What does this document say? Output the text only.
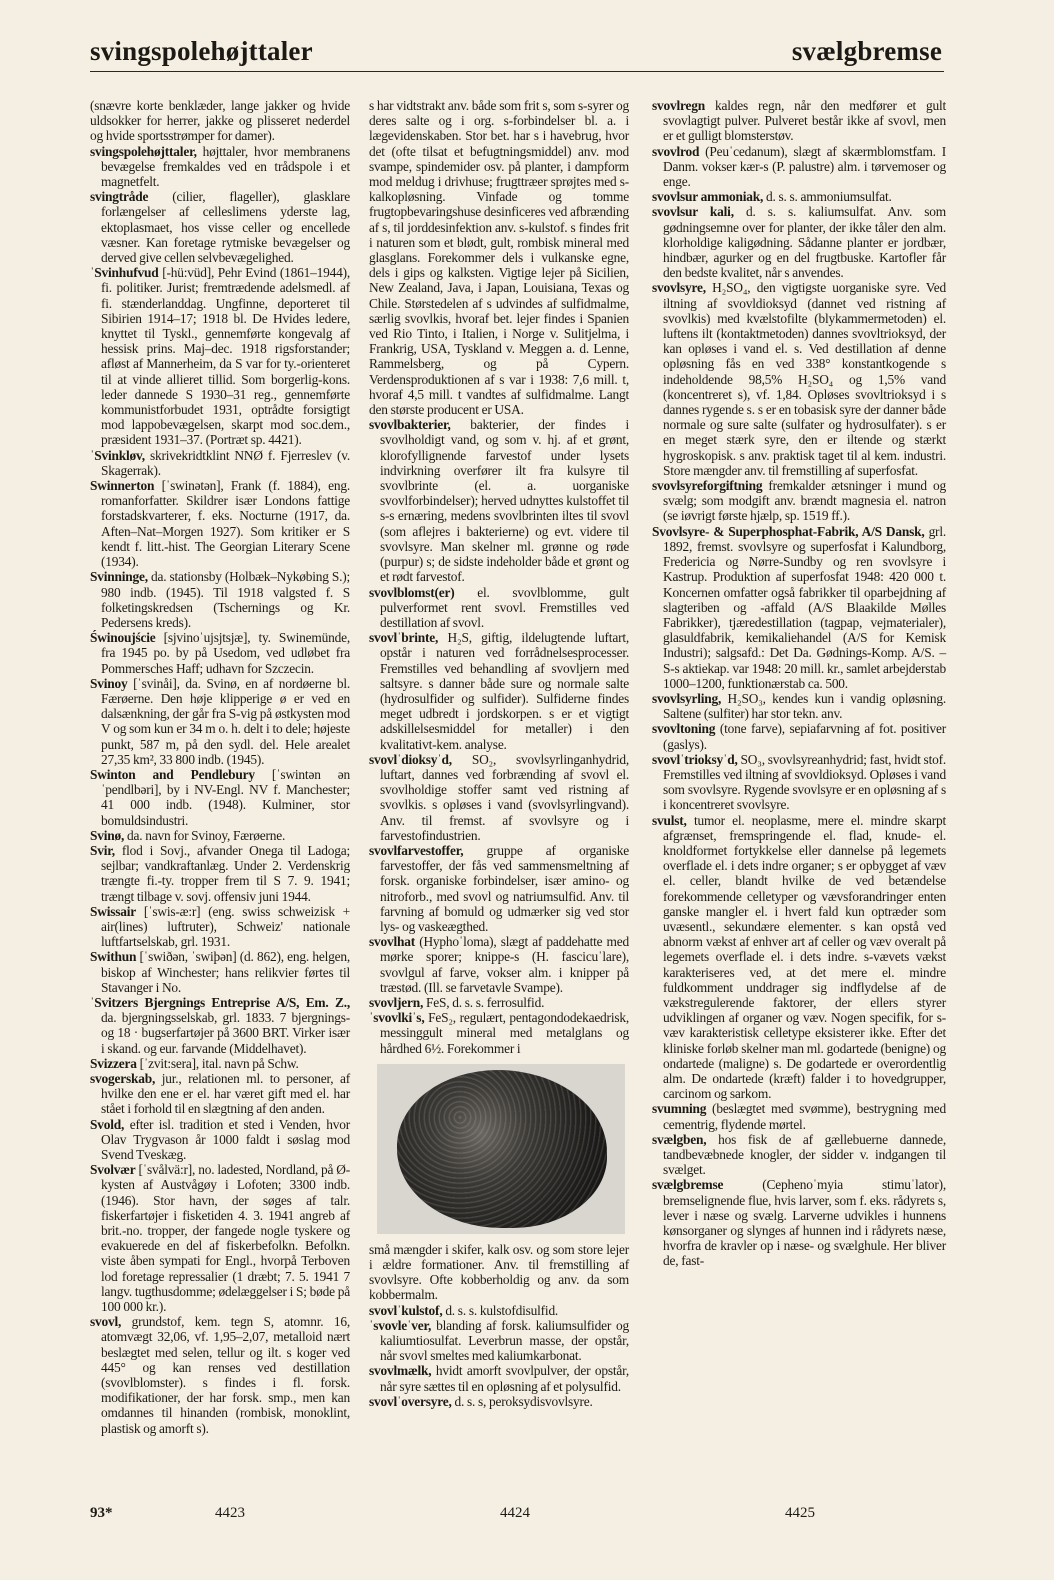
svingspolehøjttaler	svælgbremse

(snævre korte benklæder, lange jakker og hvide uldsokker for herrer, jakke og plisseret nederdel og hvide sportsstrømper for damer).

svingspolehøjttaler, højttaler, hvor membranens bevægelse fremkaldes ved en trådspole i et magnetfelt.

svingtråde (cilier, flageller), glasklare forlængelser af celleslimens yderste lag, ektoplasmaet, hos visse celler og encellede væsner. Kan foretage rytmiske bevægelser og derved give cellen selvbevægelighed.

ˈSvinhufvud [-hü:vüd], Pehr Evind (1861–1944), fi. politiker. Jurist; fremtrædende adelsmedl. af fi. stænderlanddag. Ungfinne, deporteret til Sibirien 1914–17; 1918 bl. De Hvides ledere, knyttet til Tyskl., gennemførte kongevalg af hessisk prins. Maj–dec. 1918 rigsforstander; afløst af Mannerheim, da S var for ty.-orienteret til at vinde allieret tillid. Som borgerlig-kons. leder dannede S 1930–31 reg., gennemførte kommunistforbudet 1931, optrådte forsigtigt mod lappobevægelsen, skarpt mod soc.dem., præsident 1931–37. (Portræt sp. 4421).

ˈSvinkløv, skrivekridtklint NNØ f. Fjerreslev (v. Skagerrak).

Swinnerton [ˈswinətən], Frank (f. 1884), eng. romanforfatter. Skildrer især Londons fattige forstadskvarterer, f. eks. Nocturne (1917, da. Aften–Nat–Morgen 1927). Som kritiker er S kendt f. litt.-hist. The Georgian Literary Scene (1934).

Svinninge, da. stationsby (Holbæk–Nykøbing S.); 980 indb. (1945). Til 1918 valgsted f. S folketingskredsen (Tschernings og Kr. Pedersens kreds).

Świnoujście [sjvinoˈujsjtsjæ], ty. Swinemünde, fra 1945 po. by på Usedom, ved udløbet fra Pommersches Haff; udhavn for Szczecin.

Svinoy [ˈsvinåi], da. Svinø, en af nordøerne bl. Færøerne. Den høje klipperige ø er ved en dalsænkning, der går fra S-vig på østkysten mod V og som kun er 34 m o. h. delt i to dele; højeste punkt, 587 m, på den sydl. del. Hele arealet 27,35 km², 33 800 indb. (1945).

Swinton and Pendlebury [ˈswintən ən ˈpendlbəri], by i NV-Engl. NV f. Manchester; 41 000 indb. (1948). Kulminer, stor bomuldsindustri.

Svinø, da. navn for Svinoy, Færøerne.

Svir, flod i Sovj., afvander Onega til Ladoga; sejlbar; vandkraftanlæg. Under 2. Verdenskrig trængte fi.-ty. tropper frem til S 7. 9. 1941; trængt tilbage v. sovj. offensiv juni 1944.

Swissair [ˈswis-æ:r] (eng. swiss schweizisk + air(lines) luftruter), Schweiz' nationale luftfartselskab, grl. 1931.

Swithun [ˈswiðən, ˈswiþən] (d. 862), eng. helgen, biskop af Winchester; hans relikvier førtes til Stavanger i No.

ˈSvitzers Bjergnings Entreprise A/S, Em. Z., da. bjergningsselskab, grl. 1833. 7 bjergnings- og 18 · bugserfartøjer på 3600 BRT. Virker især i skand. og eur. farvande (Middelhavet).

Svizzera [ˈzvit:sera], ital. navn på Schw.

svogerskab, jur., relationen ml. to personer, af hvilke den ene er el. har været gift med el. har stået i forhold til en slægtning af den anden.

Svold, efter isl. tradition et sted i Venden, hvor Olav Trygvason år 1000 faldt i søslag mod Svend Tveskæg.

Svolvær [ˈsvålvä:r], no. ladested, Nordland, på Ø-kysten af Austvågøy i Lofoten; 3300 indb. (1946). Stor havn, der søges af talr. fiskerfartøjer i fisketiden 4. 3. 1941 angreb af brit.-no. tropper, der fangede nogle tyskere og evakuerede en del af fiskerbefolkn. Befolkn. viste åben sympati for Engl., hvorpå Terboven lod foretage repressalier (1 dræbt; 7. 5. 1941 7 langv. tugthusdomme; ødelæggelser i S; bøde på 100 000 kr.).

svovl, grundstof, kem. tegn S, atomnr. 16, atomvægt 32,06, vf. 1,95–2,07, metalloid nært beslægtet med selen, tellur og ilt. s koger ved 445° og kan renses ved destillation (svovlblomster). s findes i fl. forsk. modifikationer, der har forsk. smp., men kan omdannes til hinanden (rombisk, monoklint, plastisk og amorft s).

s har vidtstrakt anv. både som frit s, som s-syrer og deres salte og i org. s-forbindelser bl. a. i lægevidenskaben. Stor bet. har s i havebrug, hvor det (ofte tilsat et befugtningsmiddel) anv. mod svampe, spindemider osv. på planter, i dampform mod meldug i drivhuse; frugttræer sprøjtes med s-kalkopløsning. Vinfade og tomme frugtopbevaringshuse desinficeres ved afbrænding af s, til jorddesinfektion anv. s-kulstof. s findes frit i naturen som et blødt, gult, rombisk mineral med glasglans. Forekommer dels i vulkanske egne, dels i gips og kalksten. Vigtige lejer på Sicilien, New Zealand, Java, i Japan, Louisiana, Texas og Chile. Størstedelen af s udvindes af sulfidmalme, særlig svovlkis, hvoraf bet. lejer findes i Spanien ved Rio Tinto, i Italien, i Norge v. Sulitjelma, i Frankrig, USA, Tyskland v. Meggen a. d. Lenne, Rammelsberg, og på Cypern. Verdensproduktionen af s var i 1938: 7,6 mill. t, hvoraf 4,5 mill. t vandtes af sulfidmalme. Langt den største producent er USA.

svovlbakterier, bakterier, der findes i svovlholdigt vand, og som v. hj. af et grønt, klorofyllignende farvestof under lysets indvirkning overfører ilt fra kulsyre til svovlbrinte (el. a. uorganiske svovlforbindelser); herved udnyttes kulstoffet til s-s ernæring, medens svovlbrinten iltes til svovl (som aflejres i bakterierne) og evt. videre til svovlsyre. Man skelner ml. grønne og røde (purpur) s; de sidste indeholder både et grønt og et rødt farvestof.

svovlblomst(er) el. svovlblomme, gult pulverformet rent svovl. Fremstilles ved destillation af svovl.

svovlˈbrinte, H₂S, giftig, ildelugtende luftart, opstår i naturen ved forrådnelsesprocesser. Fremstilles ved behandling af svovljern med saltsyre. s danner både sure og normale salte (hydrosulfider og sulfider). Sulfiderne findes meget udbredt i jordskorpen. s er et vigtigt adskillelsesmiddel for metaller) i den kvalitativt-kem. analyse.

svovlˈdioksyˈd, SO₂, svovlsyrlinganhydrid, luftart, dannes ved forbrænding af svovl el. svovlholdige stoffer samt ved ristning af svovlkis. s opløses i vand (svovlsyrlingvand). Anv. til fremst. af svovlsyre og i farvestofindustrien.

svovlfarvestoffer, gruppe af organiske farvestoffer, der fås ved sammensmeltning af forsk. organiske forbindelser, især amino- og nitroforb., med svovl og natriumsulfid. Anv. til farvning af bomuld og udmærker sig ved stor lys- og vaskeægthed.

svovlhat (Hyphoˈloma), slægt af paddehatte med mørke sporer; knippe-s (H. fascicuˈlare), svovlgul af farve, vokser alm. i knipper på træstød. (Ill. se farvetavle Svampe).

svovljern, FeS, d. s. s. ferrosulfid.

ˈsvovlkiˈs, FeS₂, regulært, pentagondodekaedrisk, messinggult mineral med metalglans og hårdhed 6½. Forekommer i

små mængder i skifer, kalk osv. og som store lejer i ældre formationer. Anv. til fremstilling af svovlsyre. Ofte kobberholdig og anv. da som kobbermalm.

svovlˈkulstof, d. s. s. kulstofdisulfid.

ˈsvovleˈver, blanding af forsk. kaliumsulfider og kaliumtiosulfat. Leverbrun masse, der opstår, når svovl smeltes med kaliumkarbonat.

svovlmælk, hvidt amorft svovlpulver, der opstår, når syre sættes til en opløsning af et polysulfid.

svovlˈoversyre, d. s. s, peroksydisvovlsyre.

svovlregn kaldes regn, når den medfører et gult svovlagtigt pulver. Pulveret består ikke af svovl, men er et gulligt blomsterstøv.

svovlrod (Peuˈcedanum), slægt af skærmblomstfam. I Danm. vokser kær-s (P. palustre) alm. i tørvemoser og enge.

svovlsur ammoniak, d. s. s. ammoniumsulfat.

svovlsur kali, d. s. s. kaliumsulfat. Anv. som gødningsemne over for planter, der ikke tåler den alm. klorholdige kaligødning. Sådanne planter er jordbær, hindbær, agurker og en del frugtbuske. Kartofler får den bedste kvalitet, når s anvendes.

svovlsyre, H₂SO₄, den vigtigste uorganiske syre. Ved iltning af svovldioksyd (dannet ved ristning af svovlkis) med kvælstofilte (blykammermetoden) el. luftens ilt (kontaktmetoden) dannes svovltrioksyd, der kan opløses i vand el. s. Ved destillation af denne opløsning fås en ved 338° konstantkogende s indeholdende 98,5% H₂SO₄ og 1,5% vand (koncentreret s), vf. 1,84. Opløses svovltrioksyd i s dannes rygende s. s er en tobasisk syre der danner både normale og sure salte (sulfater og hydrosulfater). s er en meget stærk syre, den er iltende og stærkt hygroskopisk. s anv. praktisk taget til al kem. industri. Store mængder anv. til fremstilling af superfosfat.

svovlsyreforgiftning fremkalder ætsninger i mund og svælg; som modgift anv. brændt magnesia el. natron (se iøvrigt første hjælp, sp. 1519 ff.).

Svovlsyre- & Superphosphat-Fabrik, A/S Dansk, grl. 1892, fremst. svovlsyre og superfosfat i Kalundborg, Fredericia og Nørre-Sundby og ren svovlsyre i Kastrup. Produktion af superfosfat 1948: 420 000 t. Koncernen omfatter også fabrikker til oparbejdning af slagteriben og -affald (A/S Blaakilde Mølles Fabrikker), tjæredestillation (tagpap, vejmaterialer), glasuldfabrik, kemikaliehandel (A/S for Kemisk Industri); salgsafd.: Det Da. Gødnings-Komp. A/S. – S-s aktiekap. var 1948: 20 mill. kr., samlet arbejderstab 1000–1200, funktionærstab ca. 500.

svovlsyrling, H₂SO₃, kendes kun i vandig opløsning. Saltene (sulfiter) har stor tekn. anv.

svovltoning (tone farve), sepiafarvning af fot. positiver (gaslys).

svovlˈtrioksyˈd, SO₃, svovlsyreanhydrid; fast, hvidt stof. Fremstilles ved iltning af svovldioksyd. Opløses i vand som svovlsyre. Rygende svovlsyre er en opløsning af s i koncentreret svovlsyre.

svulst, tumor el. neoplasme, mere el. mindre skarpt afgrænset, fremspringende el. flad, knude- el. knoldformet fortykkelse eller dannelse på legemets overflade el. i dets indre organer; s er opbygget af væv el. celler, blandt hvilke de ved betændelse forekommende celletyper og vævsforandringer enten ganske mangler el. i hvert fald kun optræder som uvæsentl., sekundære elementer. s kan opstå ved abnorm vækst af enhver art af celler og væv overalt på legemets overflade el. i dets indre. s-vævets vækst karakteriseres ved, at det mere el. mindre fuldkomment unddrager sig indflydelse af de vækstregulerende faktorer, der ellers styrer udviklingen af organer og væv. Nogen specifik, for s-væv karakteristisk celletype eksisterer ikke. Efter det kliniske forløb skelner man ml. godartede (benigne) og ondartede (maligne) s. De godartede er overordentlig alm. De ondartede (kræft) falder i to hovedgrupper, carcinom og sarkom.

svumning (beslægtet med svømme), bestrygning med cementrig, flydende mørtel.

svælgben, hos fisk de af gællebuerne dannede, tandbevæbnede knogler, der sidder v. indgangen til svælget.

svælgbremse (Cephenoˈmyia stimuˈlator), bremselignende flue, hvis larver, som f. eks. rådyrets s, lever i næse og svælg. Larverne udvikles i hunnens kønsorganer og slynges af hunnen ind i rådyrets næse, hvorfra de kravler op i næse- og svælghule. Her bliver de, fast-

93*	4423	4424	4425
